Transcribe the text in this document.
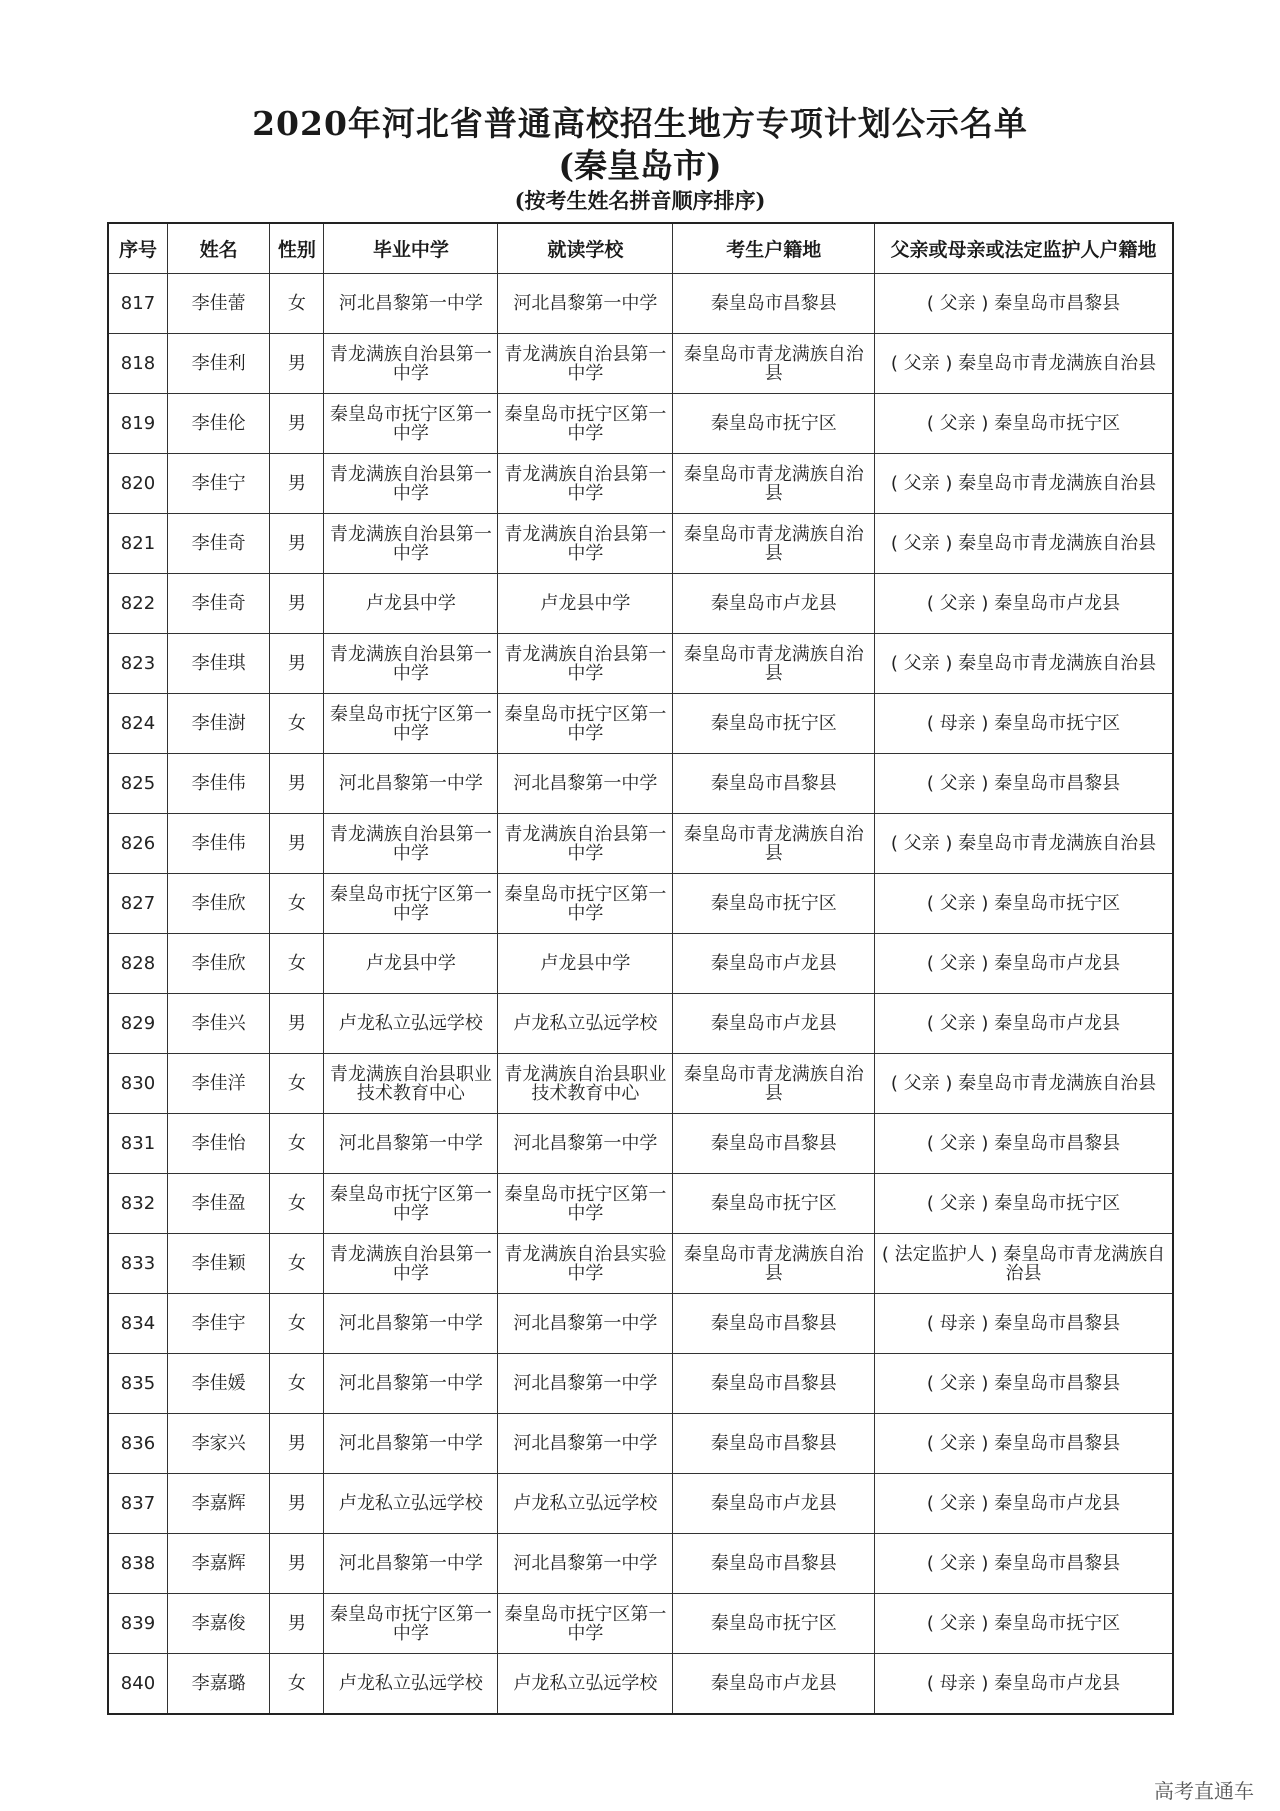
2020年河北省普通高校招生地方专项计划公示名单
(秦皇岛市)
(按考生姓名拼音顺序排序)
序号	姓名	性别	毕业中学	就读学校	考生户籍地	父亲或母亲或法定监护人户籍地
817	李佳蕾	女	河北昌黎第一中学	河北昌黎第一中学	秦皇岛市昌黎县	( 父亲 ) 秦皇岛市昌黎县
818	李佳利	男	青龙满族自治县第一中学	青龙满族自治县第一中学	秦皇岛市青龙满族自治县	( 父亲 ) 秦皇岛市青龙满族自治县
819	李佳伦	男	秦皇岛市抚宁区第一中学	秦皇岛市抚宁区第一中学	秦皇岛市抚宁区	( 父亲 ) 秦皇岛市抚宁区
820	李佳宁	男	青龙满族自治县第一中学	青龙满族自治县第一中学	秦皇岛市青龙满族自治县	( 父亲 ) 秦皇岛市青龙满族自治县
821	李佳奇	男	青龙满族自治县第一中学	青龙满族自治县第一中学	秦皇岛市青龙满族自治县	( 父亲 ) 秦皇岛市青龙满族自治县
822	李佳奇	男	卢龙县中学	卢龙县中学	秦皇岛市卢龙县	( 父亲 ) 秦皇岛市卢龙县
823	李佳琪	男	青龙满族自治县第一中学	青龙满族自治县第一中学	秦皇岛市青龙满族自治县	( 父亲 ) 秦皇岛市青龙满族自治县
824	李佳澍	女	秦皇岛市抚宁区第一中学	秦皇岛市抚宁区第一中学	秦皇岛市抚宁区	( 母亲 ) 秦皇岛市抚宁区
825	李佳伟	男	河北昌黎第一中学	河北昌黎第一中学	秦皇岛市昌黎县	( 父亲 ) 秦皇岛市昌黎县
826	李佳伟	男	青龙满族自治县第一中学	青龙满族自治县第一中学	秦皇岛市青龙满族自治县	( 父亲 ) 秦皇岛市青龙满族自治县
827	李佳欣	女	秦皇岛市抚宁区第一中学	秦皇岛市抚宁区第一中学	秦皇岛市抚宁区	( 父亲 ) 秦皇岛市抚宁区
828	李佳欣	女	卢龙县中学	卢龙县中学	秦皇岛市卢龙县	( 父亲 ) 秦皇岛市卢龙县
829	李佳兴	男	卢龙私立弘远学校	卢龙私立弘远学校	秦皇岛市卢龙县	( 父亲 ) 秦皇岛市卢龙县
830	李佳洋	女	青龙满族自治县职业技术教育中心	青龙满族自治县职业技术教育中心	秦皇岛市青龙满族自治县	( 父亲 ) 秦皇岛市青龙满族自治县
831	李佳怡	女	河北昌黎第一中学	河北昌黎第一中学	秦皇岛市昌黎县	( 父亲 ) 秦皇岛市昌黎县
832	李佳盈	女	秦皇岛市抚宁区第一中学	秦皇岛市抚宁区第一中学	秦皇岛市抚宁区	( 父亲 ) 秦皇岛市抚宁区
833	李佳颖	女	青龙满族自治县第一中学	青龙满族自治县实验中学	秦皇岛市青龙满族自治县	( 法定监护人 ) 秦皇岛市青龙满族自治县
834	李佳宇	女	河北昌黎第一中学	河北昌黎第一中学	秦皇岛市昌黎县	( 母亲 ) 秦皇岛市昌黎县
835	李佳媛	女	河北昌黎第一中学	河北昌黎第一中学	秦皇岛市昌黎县	( 父亲 ) 秦皇岛市昌黎县
836	李家兴	男	河北昌黎第一中学	河北昌黎第一中学	秦皇岛市昌黎县	( 父亲 ) 秦皇岛市昌黎县
837	李嘉辉	男	卢龙私立弘远学校	卢龙私立弘远学校	秦皇岛市卢龙县	( 父亲 ) 秦皇岛市卢龙县
838	李嘉辉	男	河北昌黎第一中学	河北昌黎第一中学	秦皇岛市昌黎县	( 父亲 ) 秦皇岛市昌黎县
839	李嘉俊	男	秦皇岛市抚宁区第一中学	秦皇岛市抚宁区第一中学	秦皇岛市抚宁区	( 父亲 ) 秦皇岛市抚宁区
840	李嘉璐	女	卢龙私立弘远学校	卢龙私立弘远学校	秦皇岛市卢龙县	( 母亲 ) 秦皇岛市卢龙县
高考直通车
